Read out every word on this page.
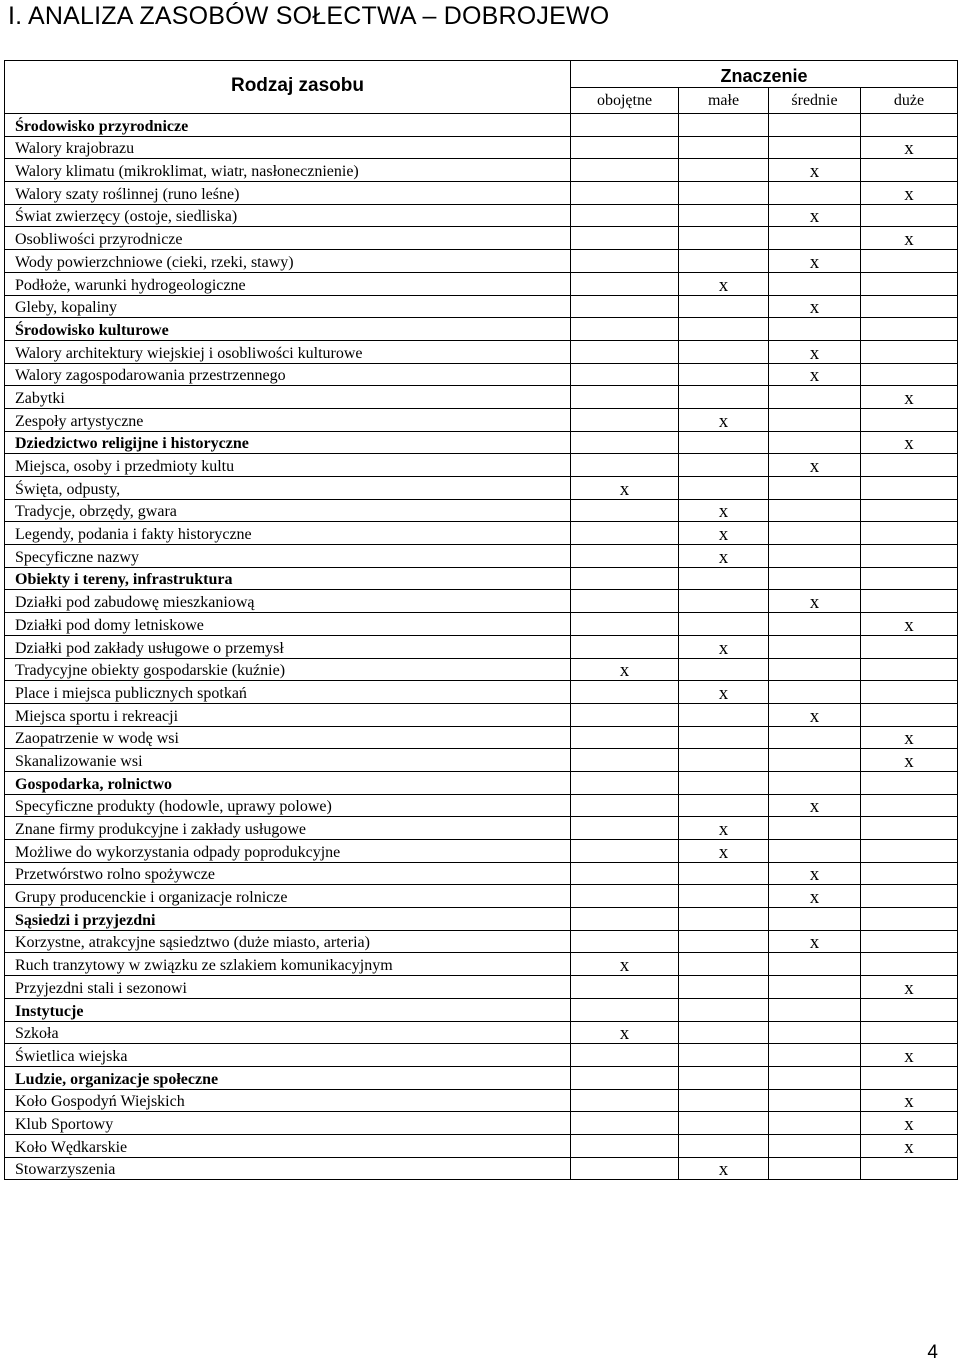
I. ANALIZA ZASOBÓW SOŁECTWA – DOBROJEWO
Rodzaj zasobu	Znaczenie			
	obojętne	małe	średnie	duże
Środowisko przyrodnicze				
Walory krajobrazu				x
Walory klimatu (mikroklimat, wiatr, nasłonecznienie)			x	
Walory szaty roślinnej (runo leśne)				x
Świat zwierzęcy (ostoje, siedliska)			x	
Osobliwości przyrodnicze				x
Wody powierzchniowe (cieki, rzeki, stawy)			x	
Podłoże, warunki hydrogeologiczne		x		
Gleby, kopaliny			x	
Środowisko kulturowe				
Walory architektury wiejskiej i osobliwości kulturowe			x	
Walory zagospodarowania przestrzennego			x	
Zabytki				x
Zespoły artystyczne		x		
Dziedzictwo religijne i historyczne				x
Miejsca, osoby i przedmioty kultu			x	
Święta, odpusty,	x			
Tradycje, obrzędy, gwara		x		
Legendy, podania i fakty historyczne		x		
Specyficzne nazwy		x		
Obiekty i tereny, infrastruktura				
Działki pod zabudowę mieszkaniową			x	
Działki pod domy letniskowe				x
Działki pod zakłady usługowe o przemysł		x		
Tradycyjne obiekty gospodarskie (kuźnie)	x			
Place i miejsca publicznych spotkań		x		
Miejsca sportu i rekreacji			x	
Zaopatrzenie w wodę wsi				x
Skanalizowanie wsi				x
Gospodarka, rolnictwo				
Specyficzne produkty (hodowle, uprawy polowe)			x	
Znane firmy produkcyjne i zakłady usługowe		x		
Możliwe do wykorzystania odpady poprodukcyjne		x		
Przetwórstwo rolno spożywcze			x	
Grupy producenckie i organizacje rolnicze			x	
Sąsiedzi i przyjezdni				
Korzystne, atrakcyjne sąsiedztwo (duże miasto, arteria)			x	
Ruch tranzytowy w związku ze szlakiem komunikacyjnym	x			
Przyjezdni stali i sezonowi				x
Instytucje				
Szkoła	x			
Świetlica wiejska				x
Ludzie, organizacje społeczne				
Koło Gospodyń Wiejskich				x
Klub Sportowy				x
Koło Wędkarskie				x
Stowarzyszenia		x		
4
